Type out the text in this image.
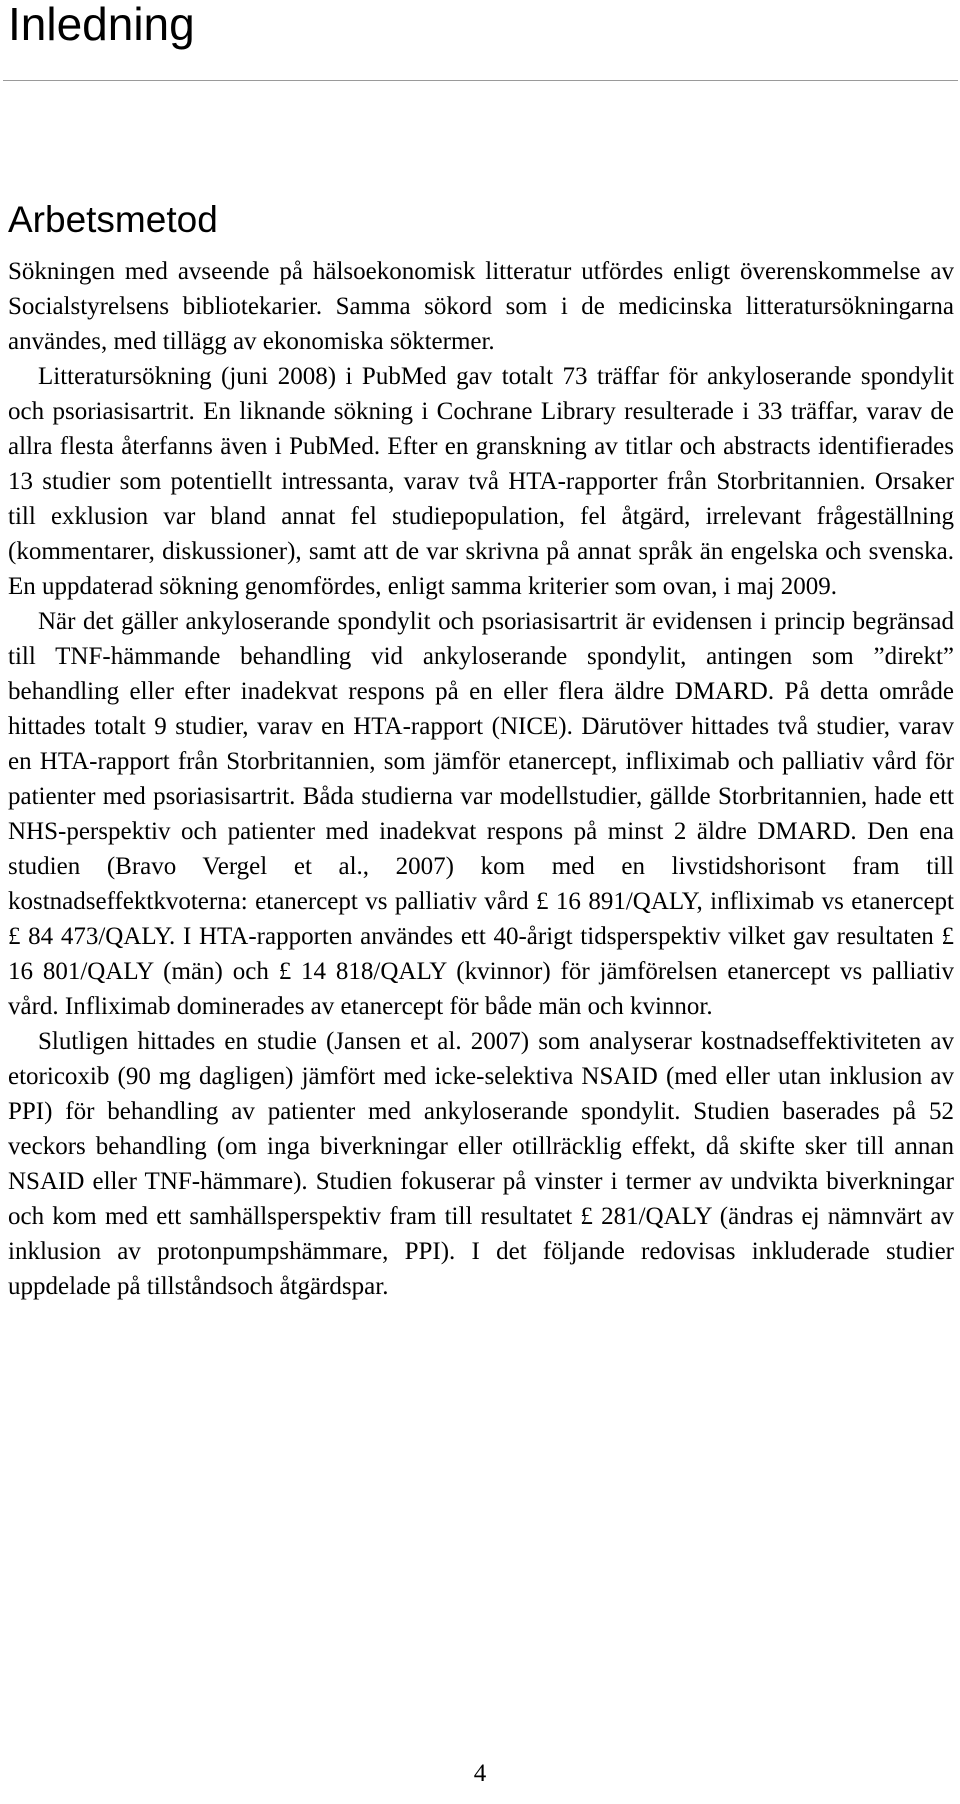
Inledning
Arbetsmetod

Sökningen med avseende på hälsoekonomisk litteratur utfördes enligt överenskommelse av Socialstyrelsens bibliotekarier. Samma sökord som i de medicinska litteratursökningarna användes, med tillägg av ekonomiska söktermer.

Litteratursökning (juni 2008) i PubMed gav totalt 73 träffar för ankyloserande spondylit och psoriasisartrit. En liknande sökning i Cochrane Library resulterade i 33 träffar, varav de allra flesta återfanns även i PubMed. Efter en granskning av titlar och abstracts identifierades 13 studier som potentiellt intressanta, varav två HTA-rapporter från Storbritannien. Orsaker till exklusion var bland annat fel studiepopulation, fel åtgärd, irrelevant frågeställning (kommentarer, diskussioner), samt att de var skrivna på annat språk än engelska och svenska. En uppdaterad sökning genomfördes, enligt samma kriterier som ovan, i maj 2009.

När det gäller ankyloserande spondylit och psoriasisartrit är evidensen i princip begränsad till TNF-hämmande behandling vid ankyloserande spondylit, antingen som ”direkt” behandling eller efter inadekvat respons på en eller flera äldre DMARD. På detta område hittades totalt 9 studier, varav en HTA-rapport (NICE). Därutöver hittades två studier, varav en HTA-rapport från Storbritannien, som jämför etanercept, infliximab och palliativ vård för patienter med psoriasisartrit. Båda studierna var modellstudier, gällde Storbritannien, hade ett NHS-perspektiv och patienter med inadekvat respons på minst 2 äldre DMARD. Den ena studien (Bravo Vergel et al., 2007) kom med en livstidshorisont fram till kostnadseffektkvoterna: etanercept vs palliativ vård £ 16 891/QALY, infliximab vs etanercept £ 84 473/QALY. I HTA-rapporten användes ett 40-årigt tidsperspektiv vilket gav resultaten £ 16 801/QALY (män) och £ 14 818/QALY (kvinnor) för jämförelsen etanercept vs palliativ vård. Infliximab dominerades av etanercept för både män och kvinnor.

Slutligen hittades en studie (Jansen et al. 2007) som analyserar kostnadseffektiviteten av etoricoxib (90 mg dagligen) jämfört med icke-selektiva NSAID (med eller utan inklusion av PPI) för behandling av patienter med ankyloserande spondylit. Studien baserades på 52 veckors behandling (om inga biverkningar eller otillräcklig effekt, då skifte sker till annan NSAID eller TNF-hämmare). Studien fokuserar på vinster i termer av undvikta biverkningar och kom med ett samhällsperspektiv fram till resultatet £ 281/QALY (ändras ej nämnvärt av inklusion av protonpumpshämmare, PPI). I det följande redovisas inkluderade studier uppdelade på tillståndsoch åtgärdspar.

4
